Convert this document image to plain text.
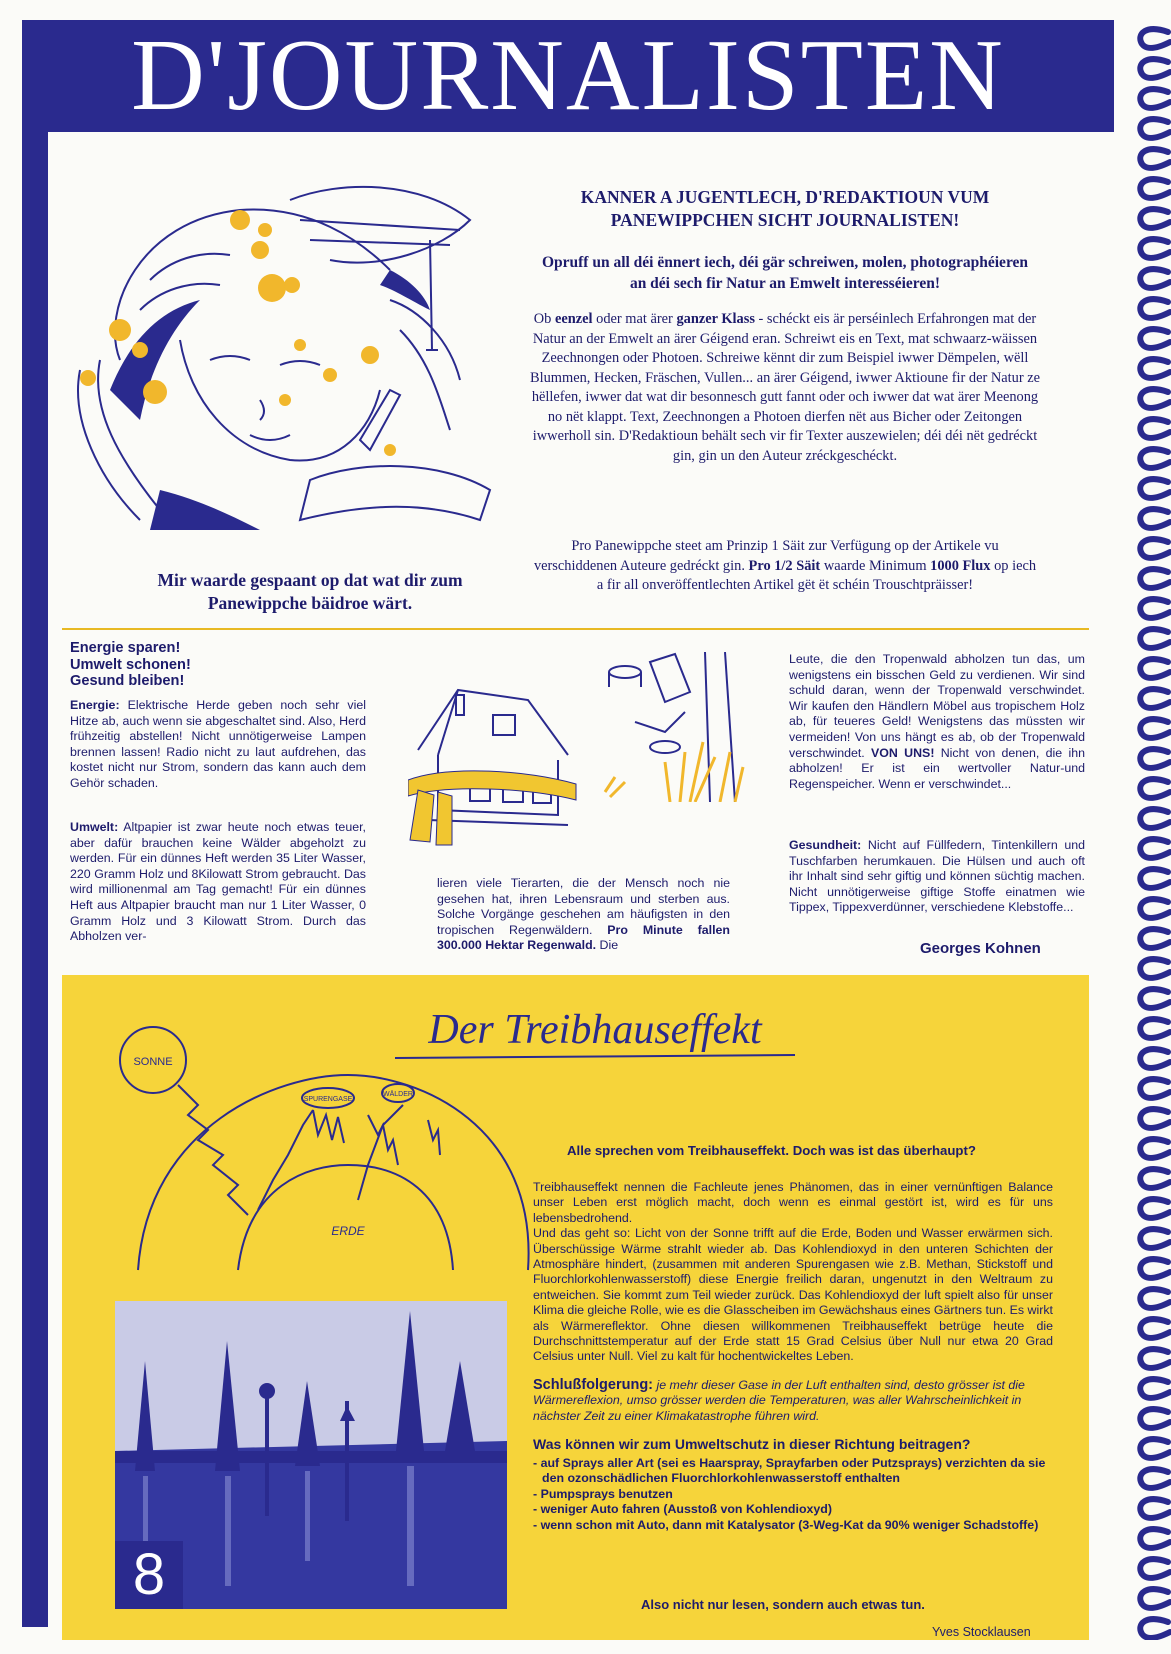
D'JOURNALISTEN
KANNER A JUGENTLECH, D'REDAKTIOUN VUM PANEWIPPCHEN SICHT JOURNALISTEN!
Opruff un all déi ënnert iech, déi gär schreiwen, molen, photographéieren an déi sech fir Natur an Emwelt interesséieren!
Ob eenzel oder mat ärer ganzer Klass - schéckt eis är perséinlech Erfahrongen mat der Natur an der Emwelt an ärer Géigend eran. Schreiwt eis en Text, mat schwaarz-wäissen Zeechnongen oder Photoen. Schreiwe kënnt dir zum Beispiel iwwer Dëmpelen, wëll Blummen, Hecken, Fräschen, Vullen... an ärer Géigend, iwwer Aktioune fir der Natur ze hëllefen, iwwer dat wat dir besonnesch gutt fannt oder och iwwer dat wat ärer Meenong no nët klappt. Text, Zeechnongen a Photoen dierfen nët aus Bicher oder Zeitongen iwwerholl sin. D'Redaktioun behält sech vir fir Texter auszewielen; déi déi nët gedréckt gin, gin un den Auteur zréckgeschéckt.
Pro Panewippche steet am Prinzip 1 Säit zur Verfügung op der Artikele vu verschiddenen Auteure gedréckt gin. Pro 1/2 Säit waarde Minimum 1000 Flux op iech a fir all onveröffentlechten Artikel gët ët schéin Trouschtpräisser!
Mir waarde gespaant op dat wat dir zum Panewippche bäidroe wärt.
Energie sparen!
Umwelt schonen!
Gesund bleiben!
Energie: Elektrische Herde geben noch sehr viel Hitze ab, auch wenn sie abgeschaltet sind. Also, Herd frühzeitig abstellen! Nicht unnötigerweise Lampen brennen lassen! Radio nicht zu laut aufdrehen, das kostet nicht nur Strom, sondern das kann auch dem Gehör schaden.
Umwelt: Altpapier ist zwar heute noch etwas teuer, aber dafür brauchen keine Wälder abgeholzt zu werden. Für ein dünnes Heft werden 35 Liter Wasser, 220 Gramm Holz und 8Kilowatt Strom gebraucht. Das wird millionenmal am Tag gemacht! Für ein dünnes Heft aus Altpapier braucht man nur 1 Liter Wasser, 0 Gramm Holz und 3 Kilowatt Strom. Durch das Abholzen ver-
lieren viele Tierarten, die der Mensch noch nie gesehen hat, ihren Lebensraum und sterben aus. Solche Vorgänge geschehen am häufigsten in den tropischen Regenwäldern. Pro Minute fallen 300.000 Hektar Regenwald. Die
Leute, die den Tropenwald abholzen tun das, um wenigstens ein bisschen Geld zu verdienen. Wir sind schuld daran, wenn der Tropenwald verschwindet. Wir kaufen den Händlern Möbel aus tropischem Holz ab, für teueres Geld! Wenigstens das müssten wir vermeiden! Von uns hängt es ab, ob der Tropenwald verschwindet. VON UNS! Nicht von denen, die ihn abholzen! Er ist ein wertvoller Natur-und Regenspeicher. Wenn er verschwindet...
Gesundheit: Nicht auf Füllfedern, Tintenkillern und Tuschfarben herumkauen. Die Hülsen und auch oft ihr Inhalt sind sehr giftig und können süchtig machen. Nicht unnötigerweise giftige Stoffe einatmen wie Tippex, Tippexverdünner, verschiedene Klebstoffe...
Georges Kohnen
Der Treibhauseffekt
SONNE
ERDE
SPURENGASE
WÄLDER
Alle sprechen vom Treibhauseffekt. Doch was ist das überhaupt?
Treibhauseffekt nennen die Fachleute jenes Phänomen, das in einer vernünftigen Balance unser Leben erst möglich macht, doch wenn es einmal gestört ist, wird es für uns lebensbedrohend.
Und das geht so: Licht von der Sonne trifft auf die Erde, Boden und Wasser erwärmen sich. Überschüssige Wärme strahlt wieder ab. Das Kohlendioxyd in den unteren Schichten der Atmosphäre hindert, (zusammen mit anderen Spurengasen wie z.B. Methan, Stickstoff und Fluorchlorkohlenwasserstoff) diese Energie freilich daran, ungenutzt in den Weltraum zu entweichen. Sie kommt zum Teil wieder zurück. Das Kohlendioxyd der luft spielt also für unser Klima die gleiche Rolle, wie es die Glasscheiben im Gewächshaus eines Gärtners tun. Es wirkt als Wärmereflektor. Ohne diesen willkommenen Treibhauseffekt betrüge heute die Durchschnittstemperatur auf der Erde statt 15 Grad Celsius über Null nur etwa 20 Grad Celsius unter Null. Viel zu kalt für hochentwickeltes Leben.
Schlußfolgerung: je mehr dieser Gase in der Luft enthalten sind, desto grösser ist die Wärmereflexion, umso grösser werden die Temperaturen, was aller Wahrscheinlichkeit in nächster Zeit zu einer Klimakatastrophe führen wird.
Was können wir zum Umweltschutz in dieser Richtung beitragen?
- auf Sprays aller Art (sei es Haarspray, Sprayfarben oder Putzsprays) verzichten da sie den ozonschädlichen Fluorchlorkohlenwasserstoff enthalten
- Pumpsprays benutzen
- weniger Auto fahren (Ausstoß von Kohlendioxyd)
- wenn schon mit Auto, dann mit Katalysator (3-Weg-Kat da 90% weniger Schadstoffe)
Also nicht nur lesen, sondern auch etwas tun.
Yves Stocklausen
8
